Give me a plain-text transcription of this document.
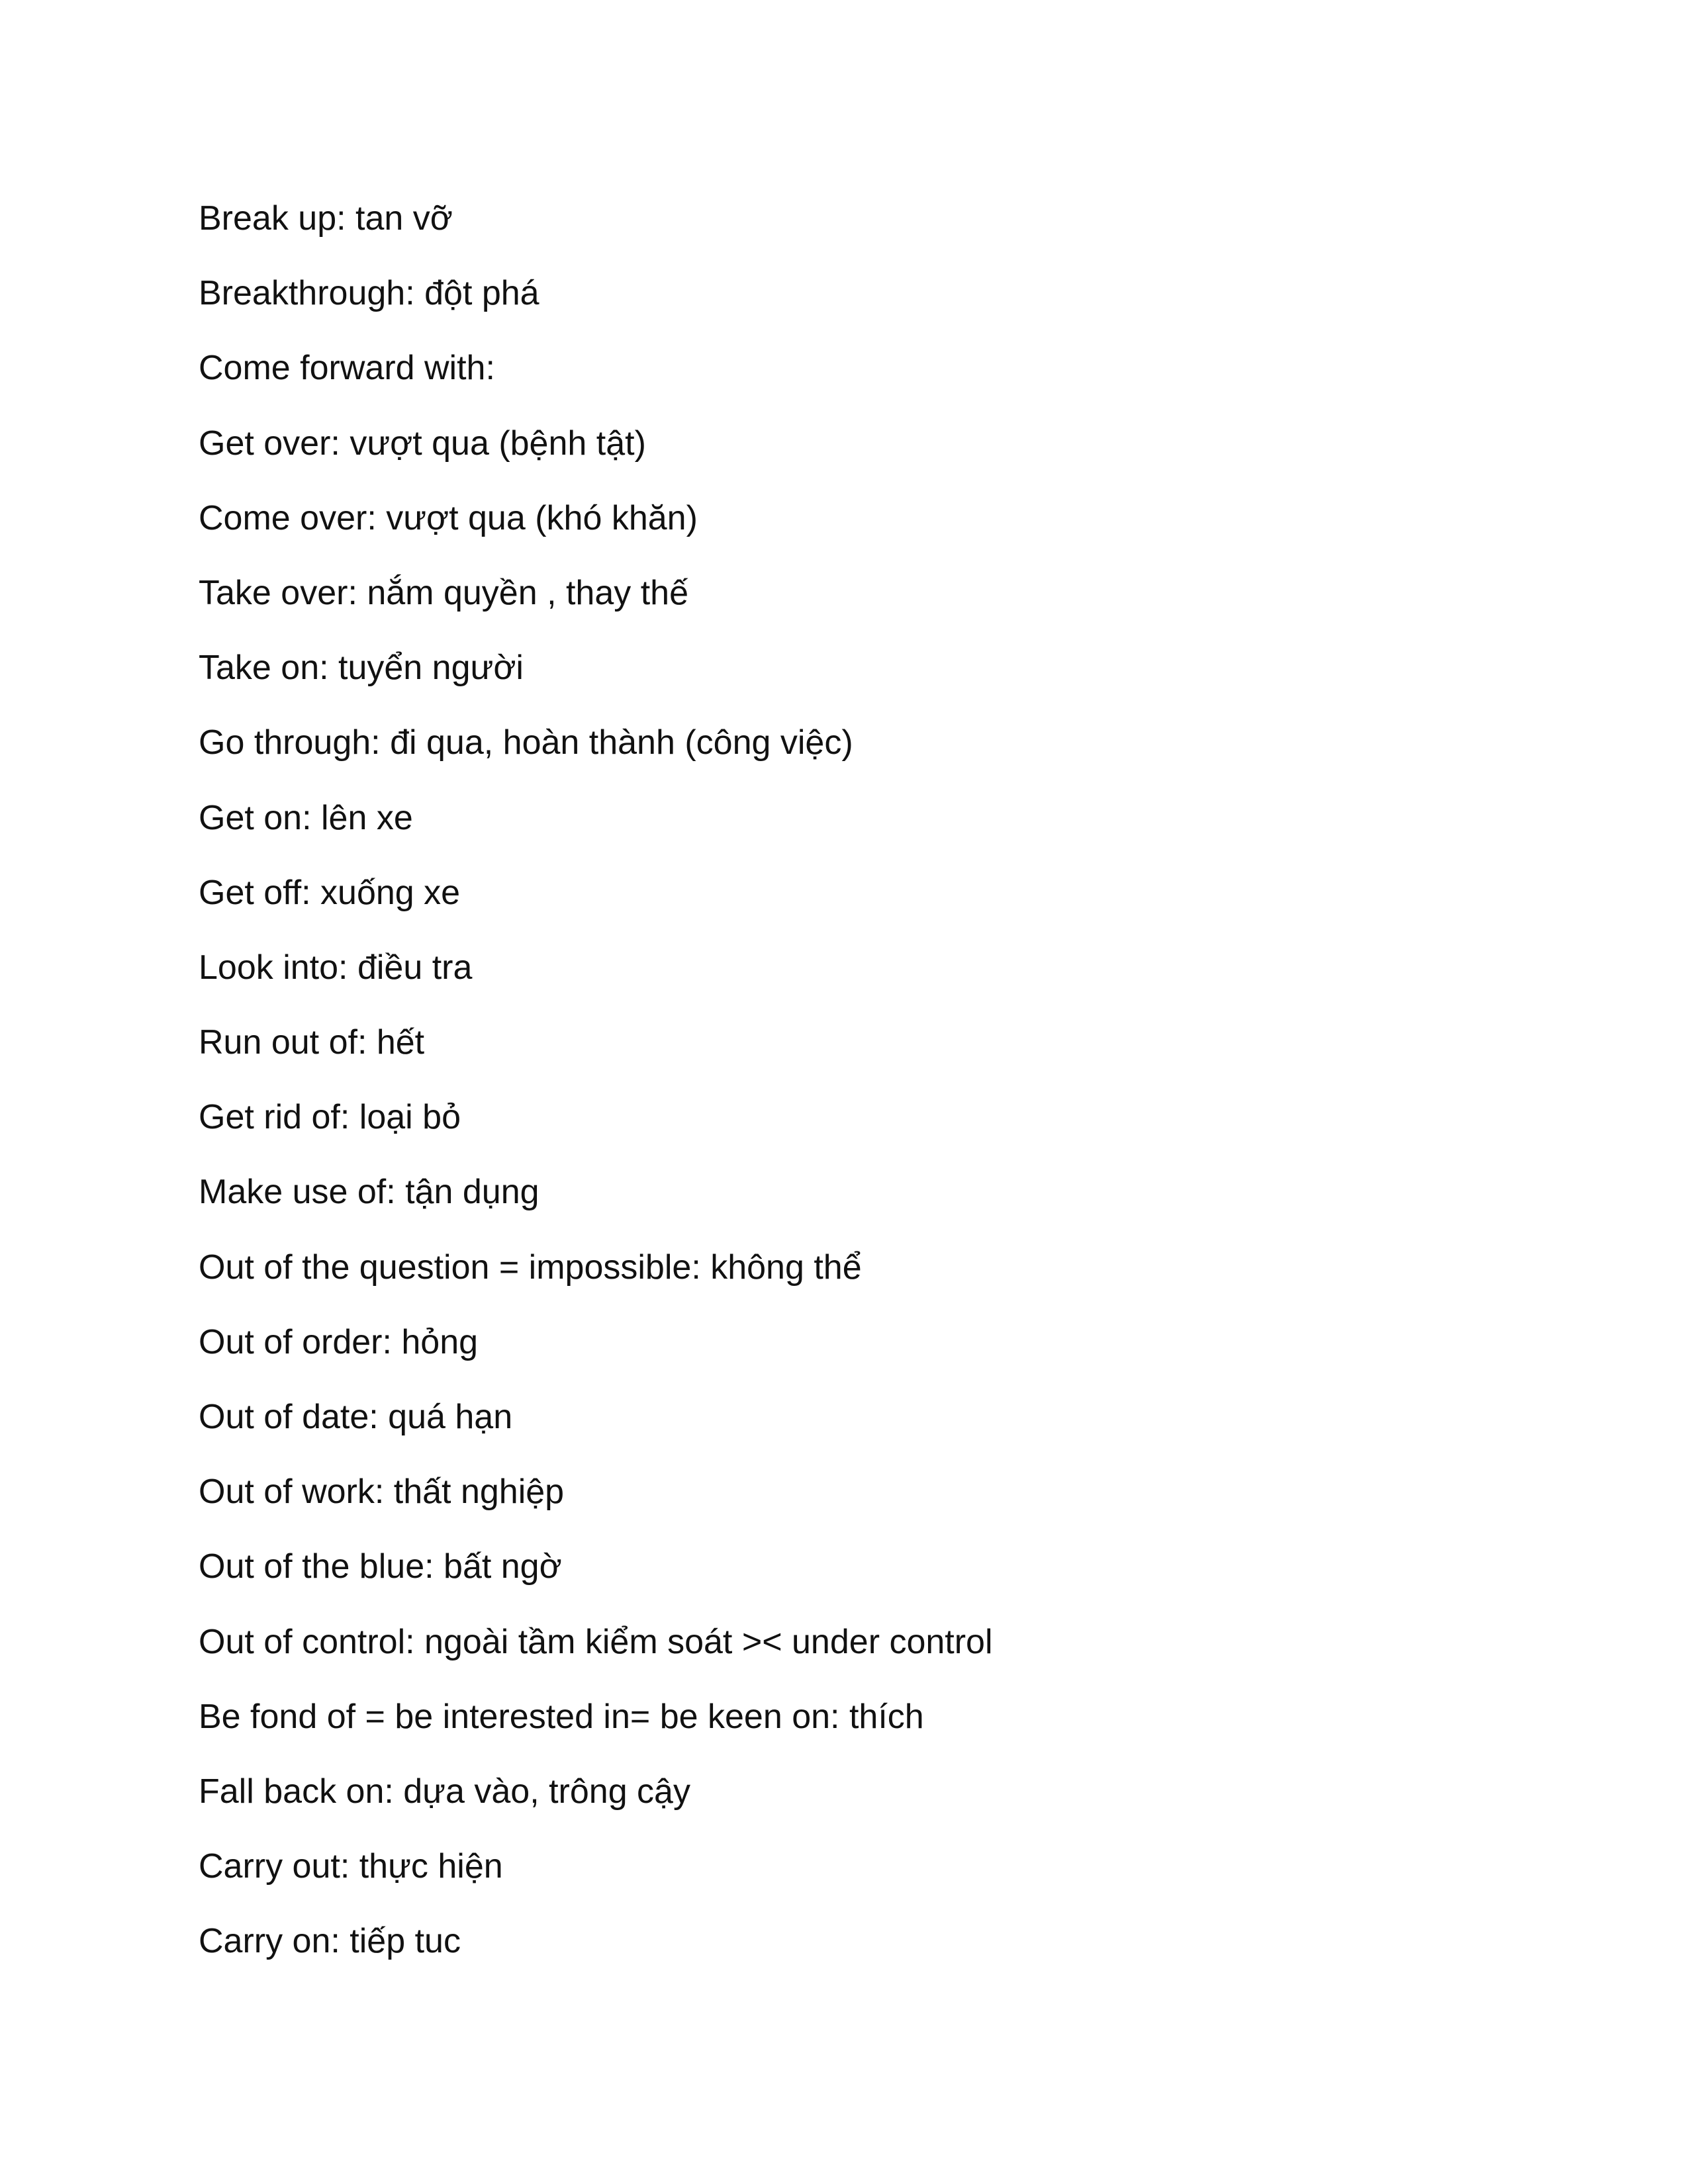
Break up: tan vỡ
Breakthrough: đột phá
Come forward with:
Get over: vượt qua (bệnh tật)
Come over: vượt qua (khó khăn)
Take over: nắm quyền , thay thế
Take on: tuyển người
Go through: đi qua, hoàn thành (công việc)
Get on: lên xe
Get off: xuống xe
Look into: điều tra
Run out of: hết
Get rid of: loại bỏ
Make use of: tận dụng
Out of the question = impossible: không thể
Out of order: hỏng
Out of date: quá hạn
Out of work: thất nghiệp
Out of the blue: bất ngờ
Out of control: ngoài tầm kiểm soát >< under control
Be fond of = be interested in= be keen on: thích
Fall back on: dựa vào, trông cậy
Carry out: thực hiện
Carry on: tiếp tuc
